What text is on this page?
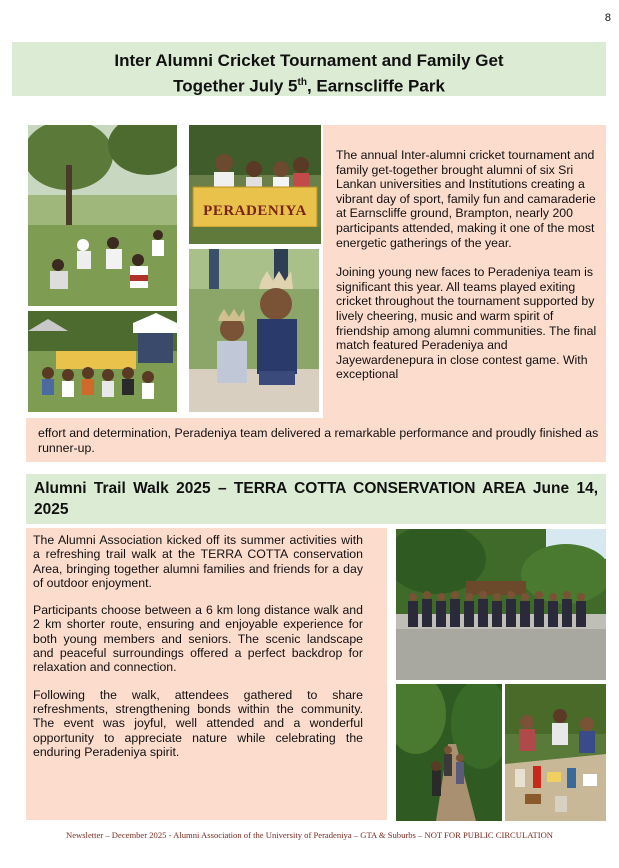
8
Inter Alumni Cricket Tournament and Family Get
Together July 5th, Earnscliffe Park
PERADENIYA

The annual Inter-alumni cricket tournament and family get-together brought alumni of six Sri Lankan universities and Institutions creating a vibrant day of sport, family fun and camaraderie at Earnscliffe ground, Brampton, nearly 200 participants attended, making it one of the most energetic gatherings of the year.

Joining young new faces to Peradeniya team is significant this year. All teams played exiting cricket throughout the tournament supported by lively cheering, music and warm spirit of friendship among alumni communities. The final match featured Peradeniya and Jayewardenepura in close contest game. With exceptional

effort and determination, Peradeniya team delivered a remarkable performance and proudly finished as runner-up.
Alumni Trail Walk 2025 – TERRA COTTA CONSERVATION AREA June 14, 2025

The Alumni Association kicked off its summer activities with a refreshing trail walk at the TERRA COTTA conservation Area, bringing together alumni families and friends for a day of outdoor enjoyment.

Participants choose between a 6 km long distance walk and 2 km shorter route, ensuring and enjoyable experience for both young members and seniors. The scenic landscape and peaceful surroundings offered a perfect backdrop for relaxation and connection.

Following the walk, attendees gathered to share refreshments, strengthening bonds within the community. The event was joyful, well attended and a wonderful opportunity to appreciate nature while celebrating the enduring Peradeniya spirit.

Newsletter – December 2025 - Alumni Association of the University of Peradeniya – GTA & Suburbs – NOT FOR PUBLIC CIRCULATION
